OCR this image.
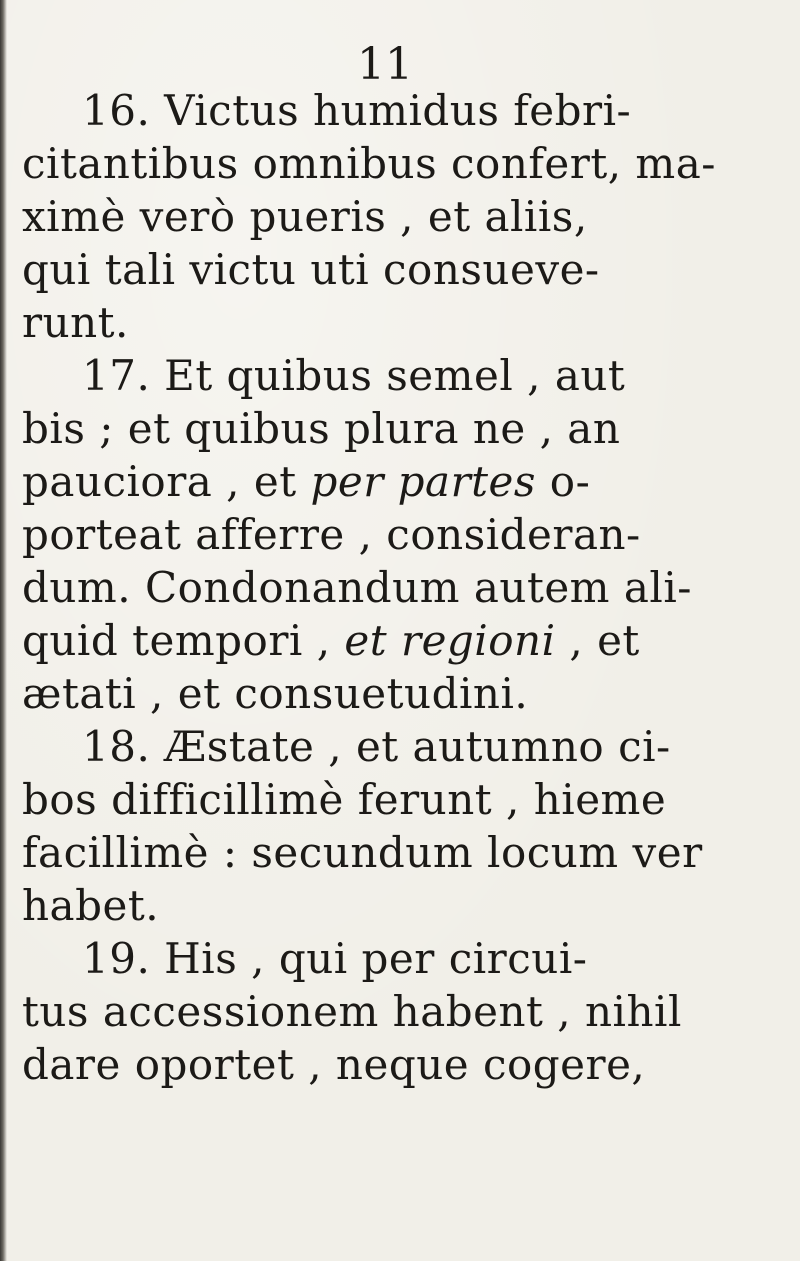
11
16. Victus humidus febri-
citantibus omnibus confert, ma-
ximè verò pueris , et aliis,
qui tali victu uti consueve-
runt.
17. Et quibus semel , aut
bis ; et quibus plura ne , an
pauciora , et per partes o-
porteat afferre , consideran-
dum. Condonandum autem ali-
quid tempori , et regioni , et
ætati , et consuetudini.
18. Æstate , et autumno ci-
bos difficillimè ferunt , hieme
facillimè : secundum locum ver
habet.
19. His , qui per circui-
tus accessionem habent , nihil
dare oportet , neque cogere,
